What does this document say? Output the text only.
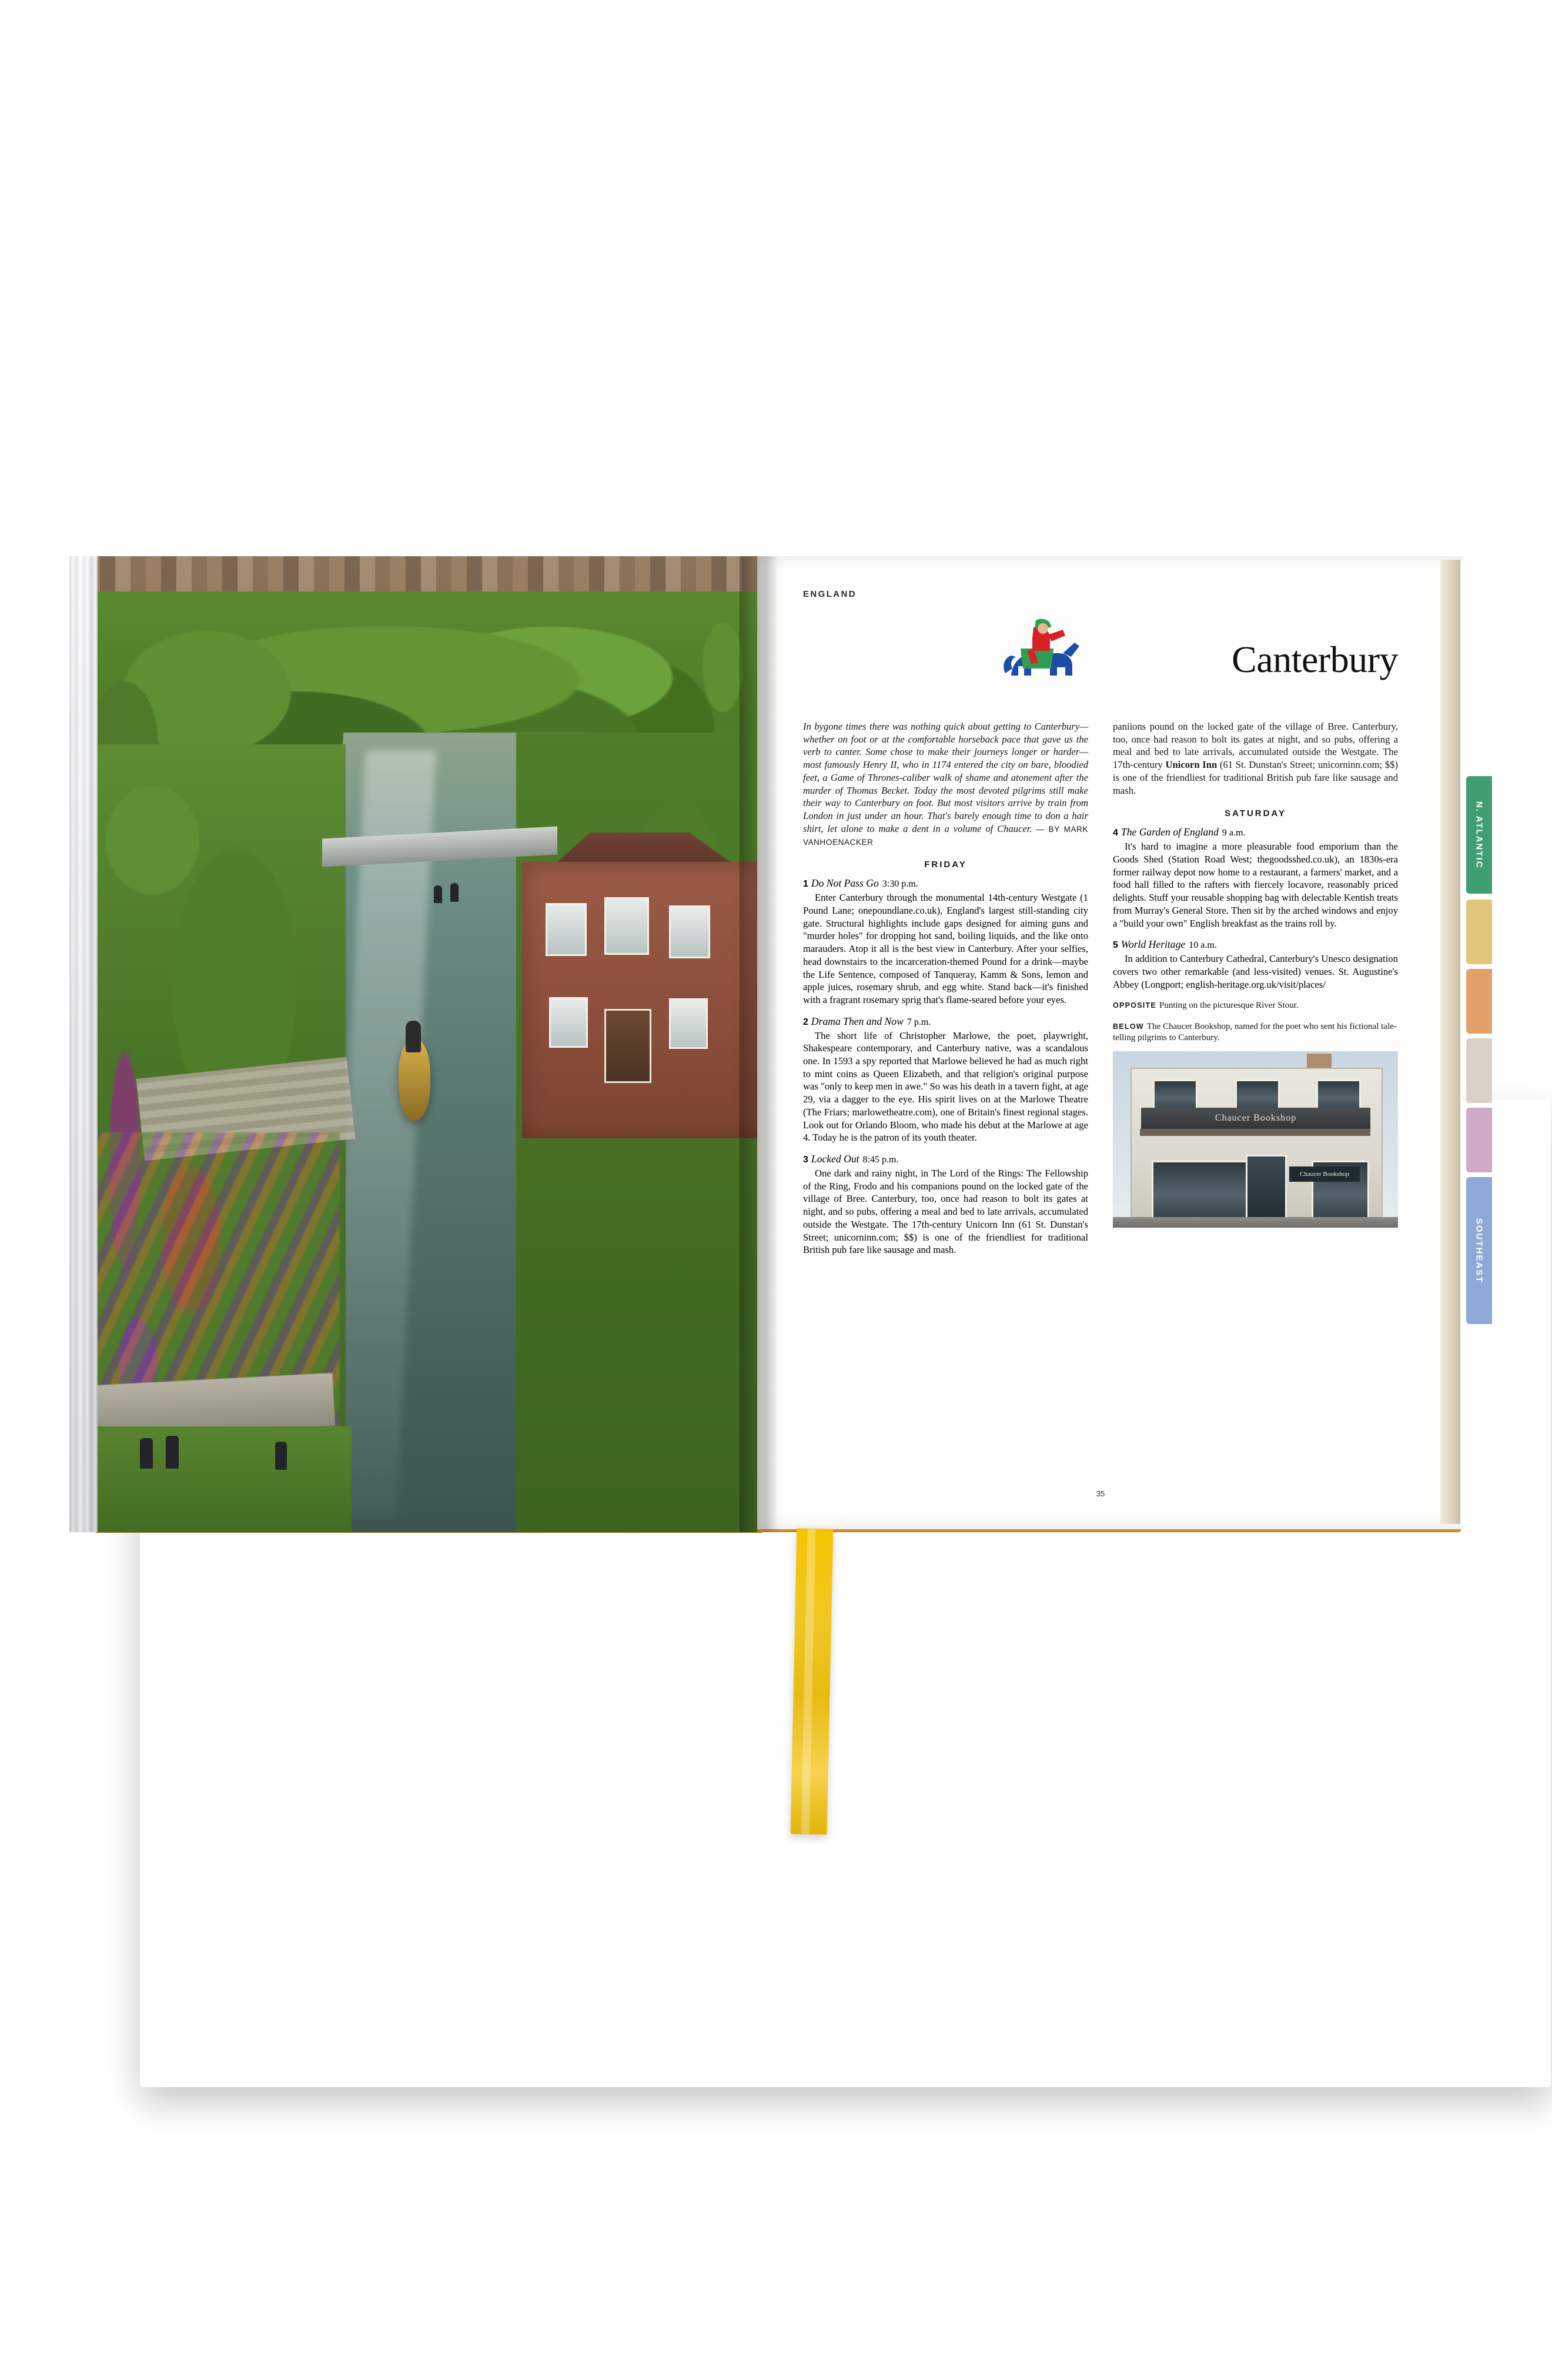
ENGLAND
Canterbury

In bygone times there was nothing quick about getting to Canterbury—whether on foot or at the comfortable horseback pace that gave us the verb to canter. Some chose to make their journeys longer or harder—most famously Henry II, who in 1174 entered the city on bare, bloodied feet, a Game of Thrones-caliber walk of shame and atonement after the murder of Thomas Becket. Today the most devoted pilgrims still make their way to Canterbury on foot. But most visitors arrive by train from London in just under an hour. That's barely enough time to don a hair shirt, let alone to make a dent in a volume of Chaucer. — BY MARK VANHOENACKER

FRIDAY
1 Do Not Pass Go 3:30 p.m.
Enter Canterbury through the monumental 14th-century Westgate (1 Pound Lane; onepoundlane.co.uk), England's largest still-standing city gate. Structural highlights include gaps designed for aiming guns and "murder holes" for dropping hot sand, boiling liquids, and the like onto marauders. Atop it all is the best view in Canterbury. After your selfies, head downstairs to the incarceration-themed Pound for a drink—maybe the Life Sentence, composed of Tanqueray, Kamm & Sons, lemon and apple juices, rosemary shrub, and egg white. Stand back—it's finished with a fragrant rosemary sprig that's flame-seared before your eyes.
2 Drama Then and Now 7 p.m.
The short life of Christopher Marlowe, the poet, playwright, Shakespeare contemporary, and Canterbury native, was a scandalous one. In 1593 a spy reported that Marlowe believed he had as much right to mint coins as Queen Elizabeth, and that religion's original purpose was "only to keep men in awe." So was his death in a tavern fight, at age 29, via a dagger to the eye. His spirit lives on at the Marlowe Theatre (The Friars; marlowetheatre.com), one of Britain's finest regional stages. Look out for Orlando Bloom, who made his debut at the Marlowe at age 4. Today he is the patron of its youth theater.
3 Locked Out 8:45 p.m.
One dark and rainy night, in The Lord of the Rings: The Fellowship of the Ring, Frodo and his companions pound on the locked gate of the village of Bree. Canterbury, too, once had reason to bolt its gates at night, and so pubs, offering a meal and bed to late arrivals, accumulated outside the Westgate. The 17th-century Unicorn Inn (61 St. Dunstan's Street; unicorninn.com; $$) is one of the friendliest for traditional British pub fare like sausage and mash.
paniions pound on the locked gate of the village of Bree. Canterbury, too, once had reason to bolt its gates at night, and so pubs, offering a meal and bed to late arrivals, accumulated outside the Westgate. The 17th-century Unicorn Inn (61 St. Dunstan's Street; unicorninn.com; $$) is one of the friendliest for traditional British pub fare like sausage and mash.
SATURDAY
4 The Garden of England 9 a.m.
It's hard to imagine a more pleasurable food emporium than the Goods Shed (Station Road West; thegoodsshed.co.uk), an 1830s-era former railway depot now home to a restaurant, a farmers' market, and a food hall filled to the rafters with fiercely locavore, reasonably priced delights. Stuff your reusable shopping bag with delectable Kentish treats from Murray's General Store. Then sit by the arched windows and enjoy a "build your own" English breakfast as the trains roll by.
5 World Heritage 10 a.m.
In addition to Canterbury Cathedral, Canterbury's Unesco designation covers two other remarkable (and less-visited) venues. St. Augustine's Abbey (Longport; english-heritage.org.uk/visit/places/
OPPOSITE Punting on the picturesque River Stour.
BELOW The Chaucer Bookshop, named for the poet who sent his fictional tale-telling pilgrims to Canterbury.
Chaucer Bookshop
Chaucer Bookshop
35
N. ATLANTIC
SOUTHEAST
